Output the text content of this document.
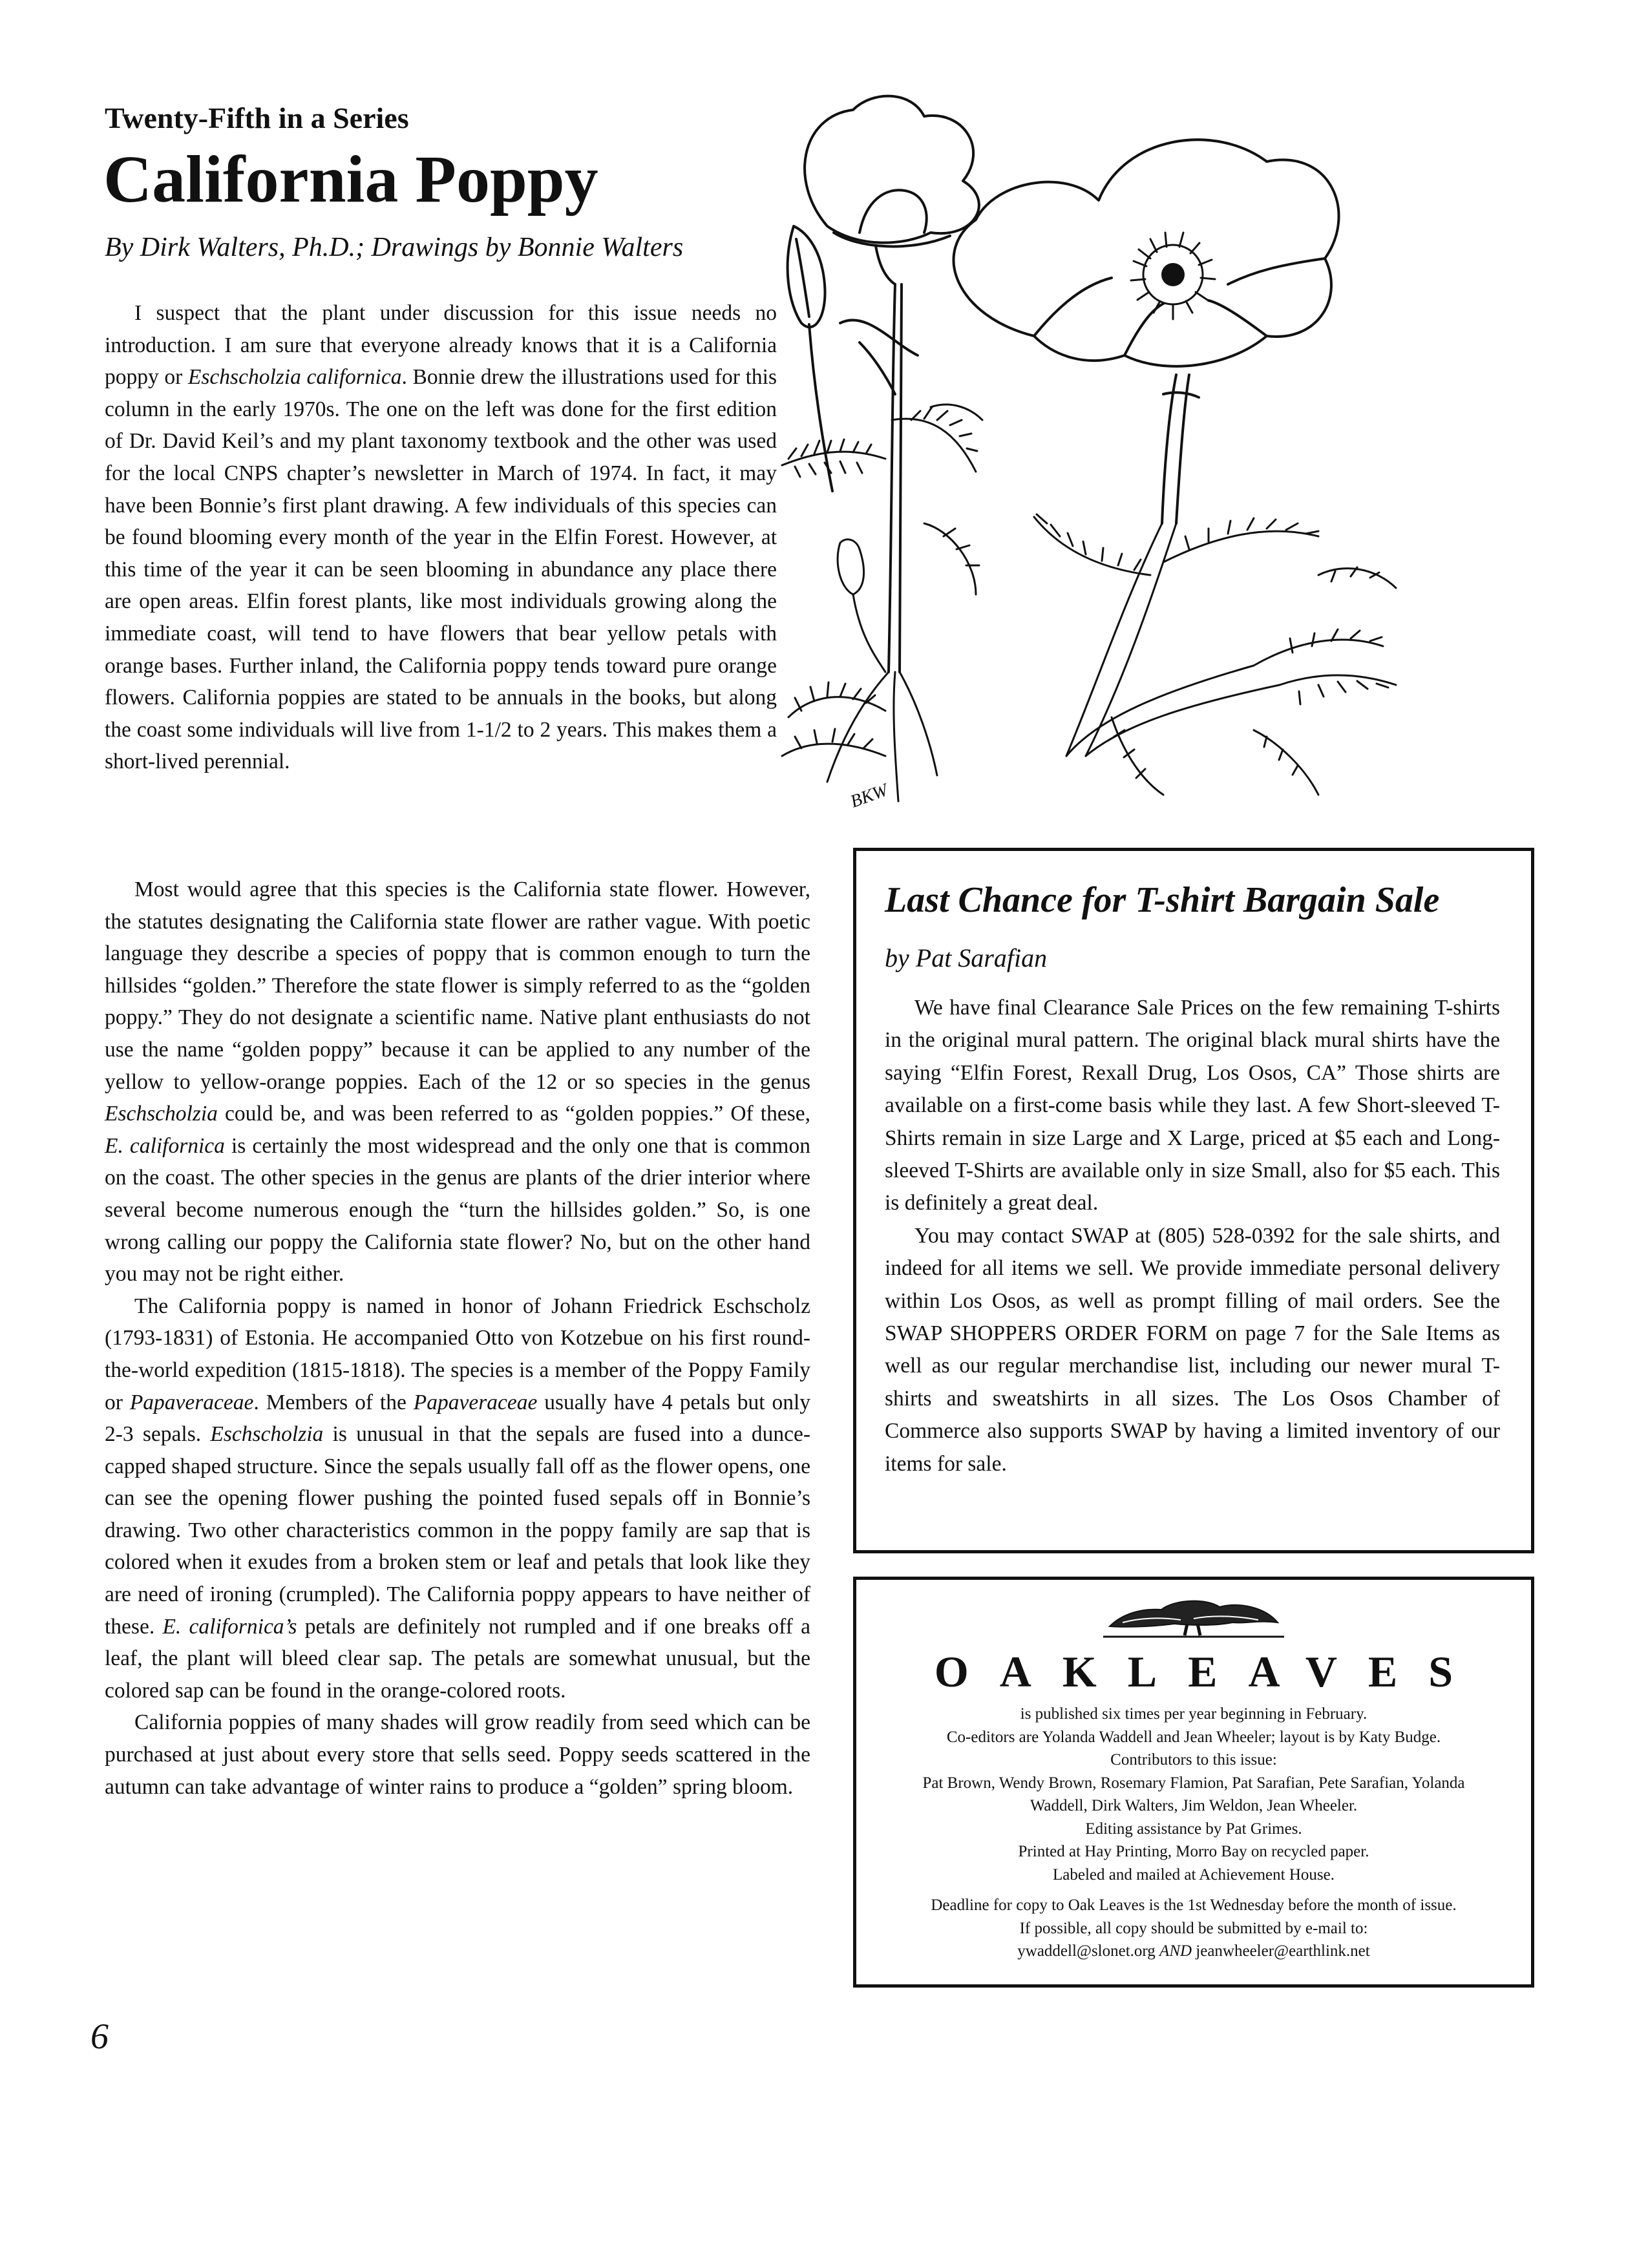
Twenty-Fifth in a Series
California Poppy
By Dirk Walters, Ph.D.; Drawings by Bonnie Walters

I suspect that the plant under discussion for this issue needs no introduction. I am sure that everyone already knows that it is a California poppy or Eschscholzia californica. Bonnie drew the illustrations used for this column in the early 1970s. The one on the left was done for the first edition of Dr. David Keil’s and my plant taxonomy textbook and the other was used for the local CNPS chapter’s newsletter in March of 1974. In fact, it may have been Bonnie’s first plant drawing. A few individuals of this species can be found blooming every month of the year in the Elfin Forest. However, at this time of the year it can be seen blooming in abundance any place there are open areas. Elfin forest plants, like most individuals growing along the immediate coast, will tend to have flowers that bear yellow petals with orange bases. Further inland, the California poppy tends toward pure orange flowers. California poppies are stated to be annuals in the books, but along the coast some individuals will live from 1-1/2 to 2 years. This makes them a short-lived perennial.

Most would agree that this species is the California state flower. However, the statutes designating the California state flower are rather vague. With poetic language they describe a species of poppy that is common enough to turn the hillsides “golden.” Therefore the state flower is simply referred to as the “golden poppy.” They do not designate a scientific name. Native plant enthusiasts do not use the name “golden poppy” because it can be applied to any number of the yellow to yellow-orange poppies. Each of the 12 or so species in the genus Eschscholzia could be, and was been referred to as “golden poppies.” Of these, E. californica is certainly the most widespread and the only one that is common on the coast. The other species in the genus are plants of the drier interior where several become numerous enough the “turn the hillsides golden.” So, is one wrong calling our poppy the California state flower? No, but on the other hand you may not be right either.

The California poppy is named in honor of Johann Friedrick Eschscholz (1793-1831) of Estonia. He accompanied Otto von Kotzebue on his first round-the-world expedition (1815-1818). The species is a member of the Poppy Family or Papaveraceae. Members of the Papaveraceae usually have 4 petals but only 2-3 sepals. Eschscholzia is unusual in that the sepals are fused into a dunce-capped shaped structure. Since the sepals usually fall off as the flower opens, one can see the opening flower pushing the pointed fused sepals off in Bonnie’s drawing. Two other characteristics common in the poppy family are sap that is colored when it exudes from a broken stem or leaf and petals that look like they are need of ironing (crumpled). The California poppy appears to have neither of these. E. californica’s petals are definitely not rumpled and if one breaks off a leaf, the plant will bleed clear sap. The petals are somewhat unusual, but the colored sap can be found in the orange-colored roots.

California poppies of many shades will grow readily from seed which can be purchased at just about every store that sells seed. Poppy seeds scattered in the autumn can take advantage of winter rains to produce a “golden” spring bloom.

6
BKW
Last Chance for T-shirt Bargain Sale
by Pat Sarafian

We have final Clearance Sale Prices on the few remaining T-shirts in the original mural pattern. The original black mural shirts have the saying “Elfin Forest, Rexall Drug, Los Osos, CA” Those shirts are available on a first-come basis while they last. A few Short-sleeved T-Shirts remain in size Large and X Large, priced at $5 each and Long-sleeved T-Shirts are available only in size Small, also for $5 each. This is definitely a great deal.

You may contact SWAP at (805) 528-0392 for the sale shirts, and indeed for all items we sell. We provide immediate personal delivery within Los Osos, as well as prompt filling of mail orders. See the SWAP SHOPPERS ORDER FORM on page 7 for the Sale Items as well as our regular merchandise list, including our newer mural T-shirts and sweatshirts in all sizes. The Los Osos Chamber of Commerce also supports SWAP by having a limited inventory of our items for sale.

OAKLEAVES
is published six times per year beginning in February.
Co-editors are Yolanda Waddell and Jean Wheeler; layout is by Katy Budge.
Contributors to this issue:
Pat Brown, Wendy Brown, Rosemary Flamion, Pat Sarafian, Pete Sarafian, Yolanda
Waddell, Dirk Walters, Jim Weldon, Jean Wheeler.
Editing assistance by Pat Grimes.
Printed at Hay Printing, Morro Bay on recycled paper.
Labeled and mailed at Achievement House.
Deadline for copy to Oak Leaves is the 1st Wednesday before the month of issue.
If possible, all copy should be submitted by e-mail to:
ywaddell@slonet.org AND jeanwheeler@earthlink.net
